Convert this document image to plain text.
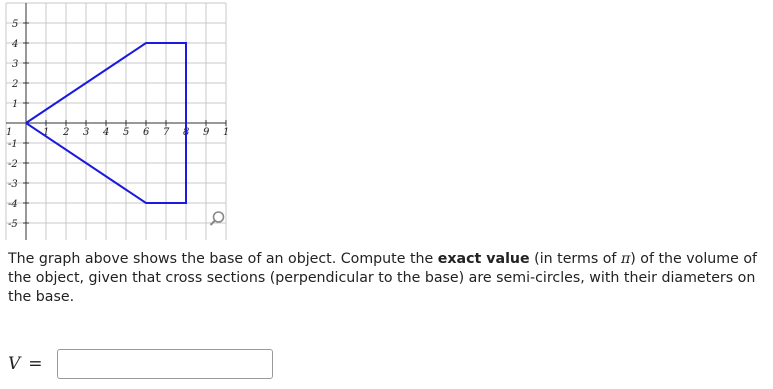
1 2 3 4 5 6 7 8 9 1
1
5
4
3
2
1
-1
-2
-3
-4
-5
The graph above shows the base of an object. Compute the exact value (in terms of π) of the volume of the object, given that cross sections (perpendicular to the base) are semi-circles, with their diameters on the base.
V =
